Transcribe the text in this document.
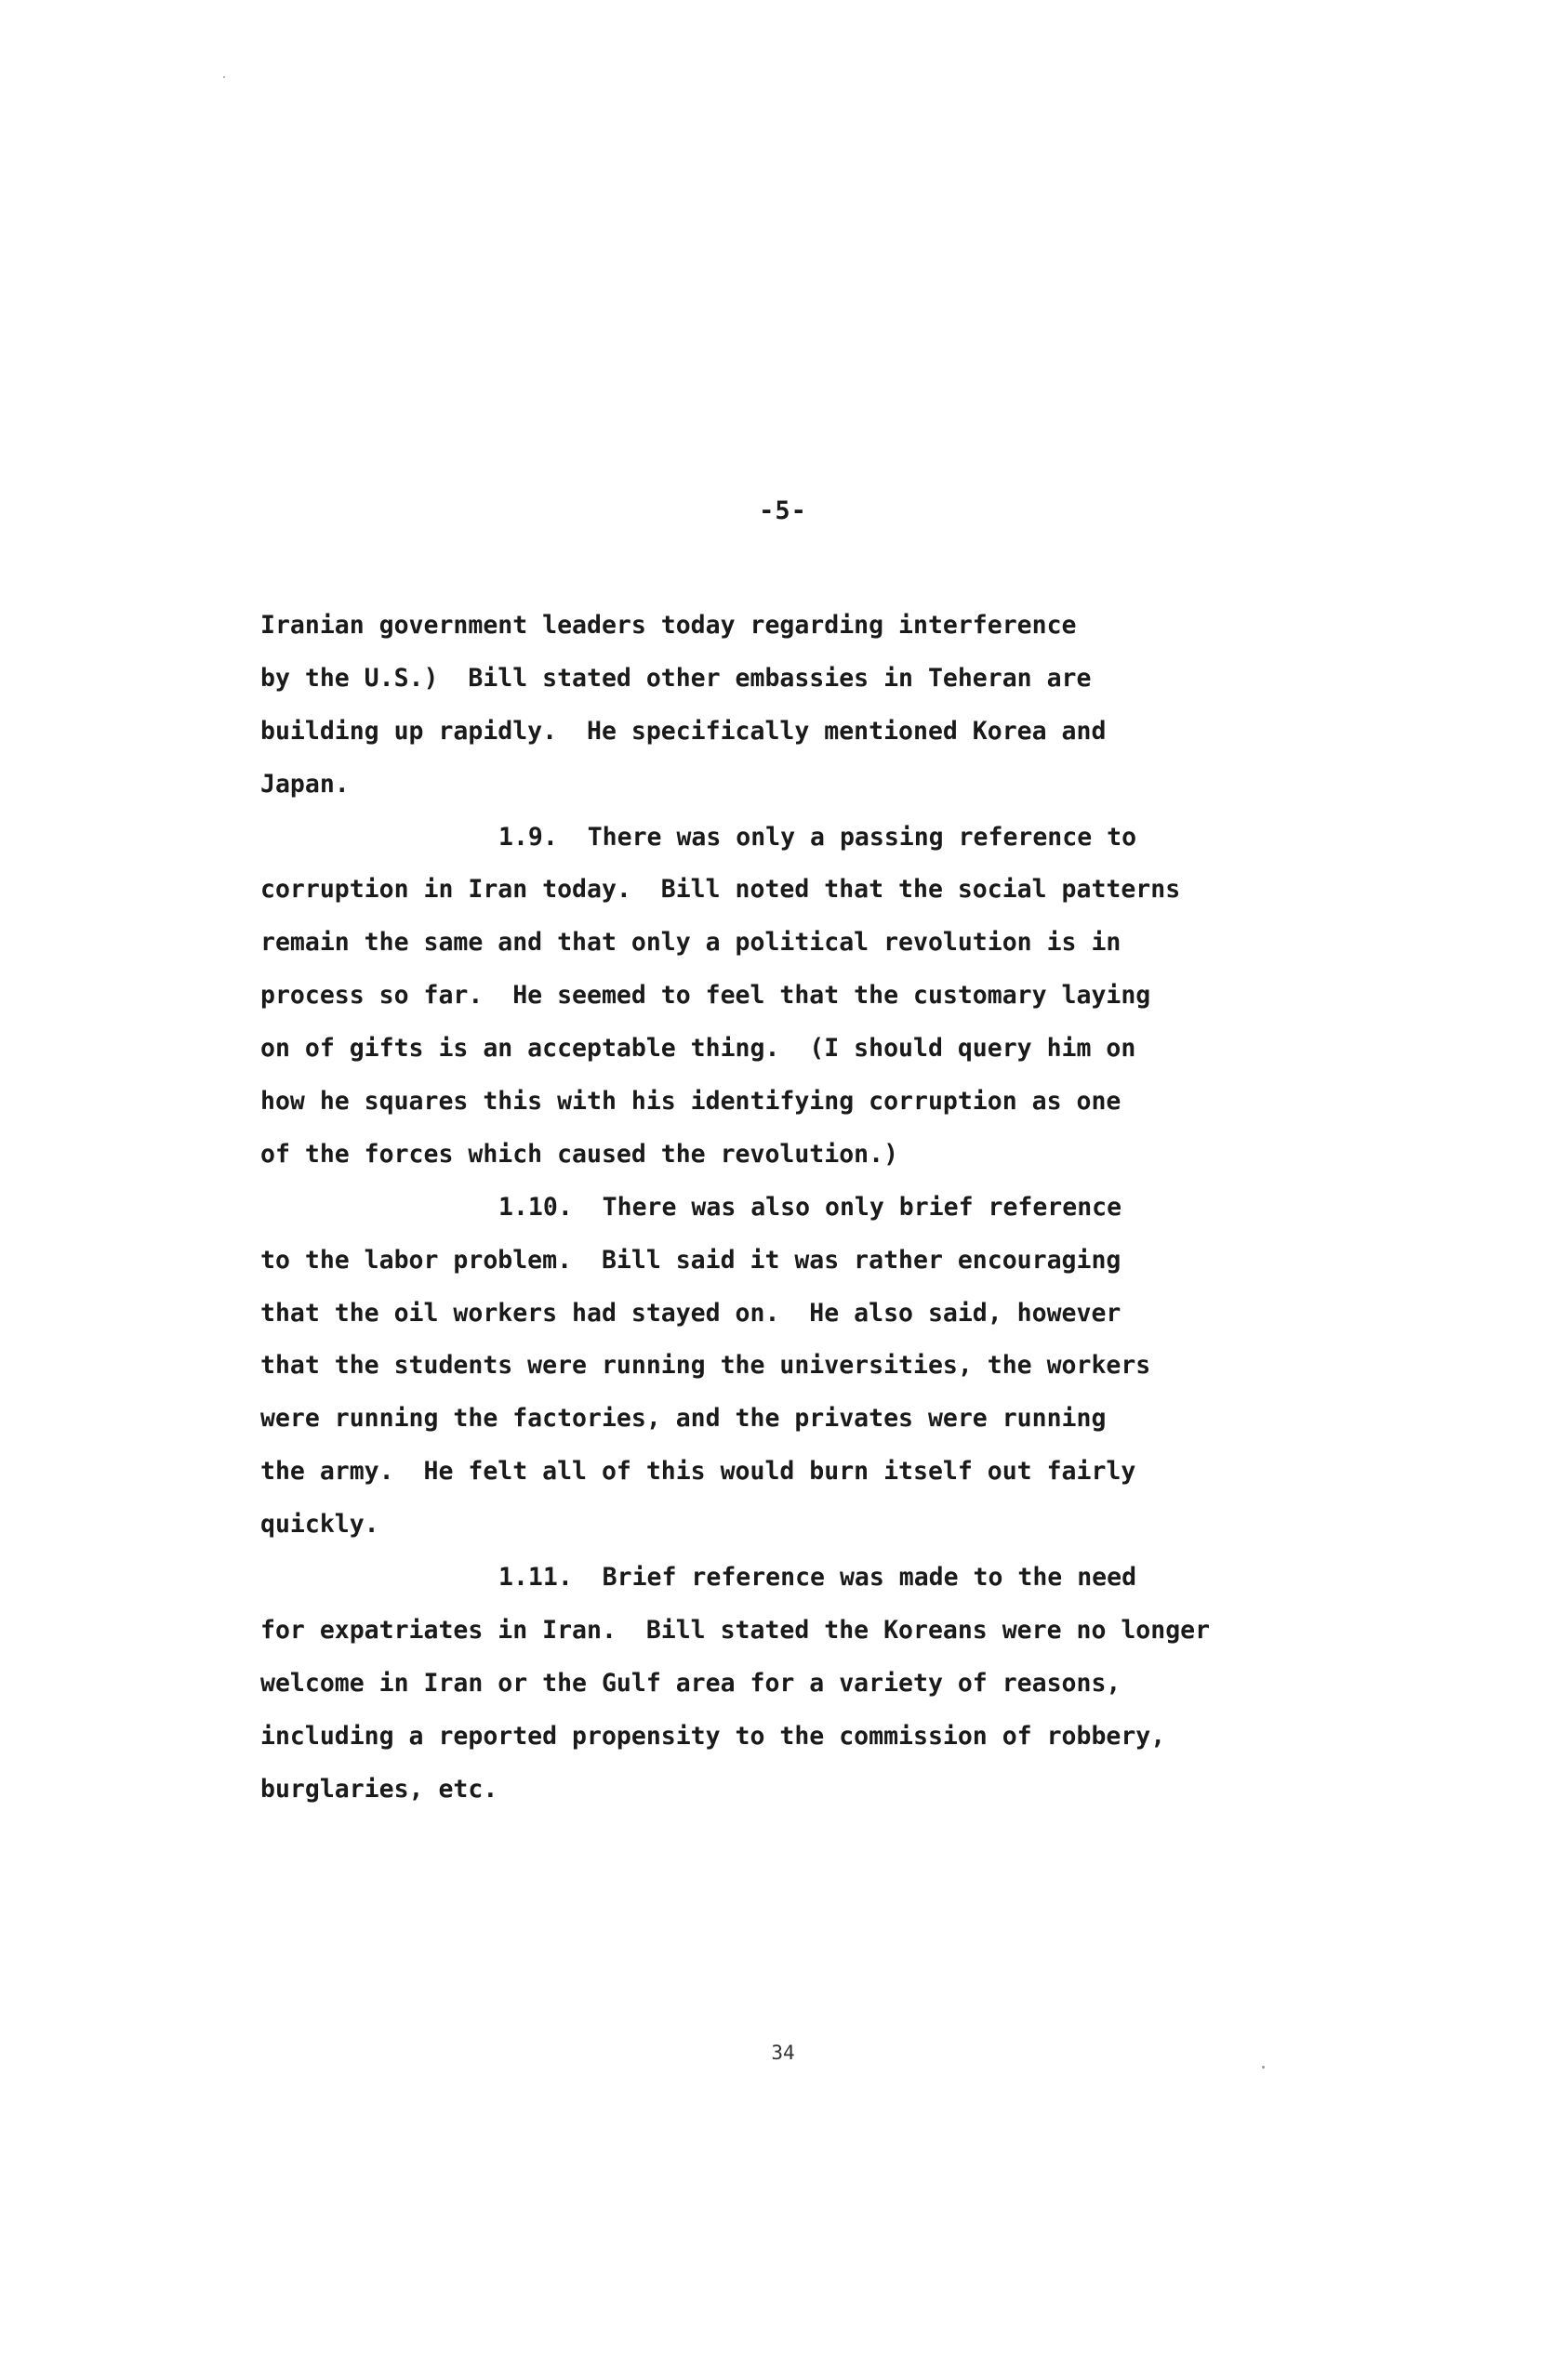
-5-
Iranian government leaders today regarding interference
by the U.S.)  Bill stated other embassies in Teheran are
building up rapidly.  He specifically mentioned Korea and
Japan.
1.9.  There was only a passing reference to
corruption in Iran today.  Bill noted that the social patterns
remain the same and that only a political revolution is in
process so far.  He seemed to feel that the customary laying
on of gifts is an acceptable thing.  (I should query him on
how he squares this with his identifying corruption as one
of the forces which caused the revolution.)
1.10.  There was also only brief reference
to the labor problem.  Bill said it was rather encouraging
that the oil workers had stayed on.  He also said, however
that the students were running the universities, the workers
were running the factories, and the privates were running
the army.  He felt all of this would burn itself out fairly
quickly.
1.11.  Brief reference was made to the need
for expatriates in Iran.  Bill stated the Koreans were no longer
welcome in Iran or the Gulf area for a variety of reasons,
including a reported propensity to the commission of robbery,
burglaries, etc.
34
